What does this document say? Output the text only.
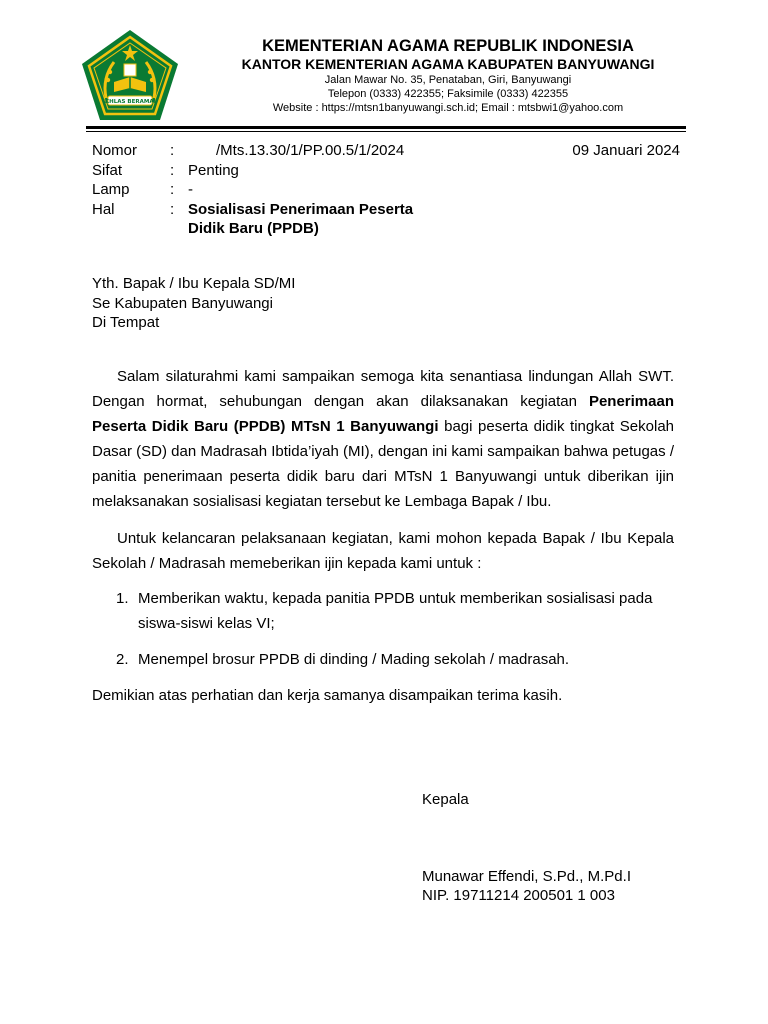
IKHLAS BERAMAL
KEMENTERIAN AGAMA REPUBLIK INDONESIA
KANTOR KEMENTERIAN AGAMA KABUPATEN BANYUWANGI
Jalan Mawar No. 35, Penataban, Giri, Banyuwangi
Telepon (0333) 422355; Faksimile (0333) 422355
Website : https://mtsn1banyuwangi.sch.id; Email : mtsbwi1@yahoo.com
Nomor :	/Mts.13.30/1/PP.00.5/1/2024	09 Januari 2024
Sifat	: Penting
Lamp	: -
Hal	: Sosialisasi Penerimaan Peserta Didik Baru (PPDB)
Yth. Bapak / Ibu Kepala SD/MI
Se Kabupaten Banyuwangi
Di Tempat

Salam silaturahmi kami sampaikan semoga kita senantiasa lindungan Allah SWT. Dengan hormat, sehubungan dengan akan dilaksanakan kegiatan Penerimaan Peserta Didik Baru (PPDB) MTsN 1 Banyuwangi bagi peserta didik tingkat Sekolah Dasar (SD) dan Madrasah Ibtida’iyah (MI), dengan ini kami sampaikan bahwa petugas / panitia penerimaan peserta didik baru dari MTsN 1 Banyuwangi untuk diberikan ijin melaksanakan sosialisasi kegiatan tersebut ke Lembaga Bapak / Ibu.

Untuk kelancaran pelaksanaan kegiatan, kami mohon kepada Bapak / Ibu Kepala Sekolah / Madrasah memeberikan ijin kepada kami untuk :

1. Memberikan waktu, kepada panitia PPDB untuk memberikan sosialisasi pada siswa-siswi kelas VI;
2. Menempel brosur PPDB di dinding / Mading sekolah / madrasah.

Demikian atas perhatian dan kerja samanya disampaikan terima kasih.

Kepala
Munawar Effendi, S.Pd., M.Pd.I
NIP. 19711214 200501 1 003
